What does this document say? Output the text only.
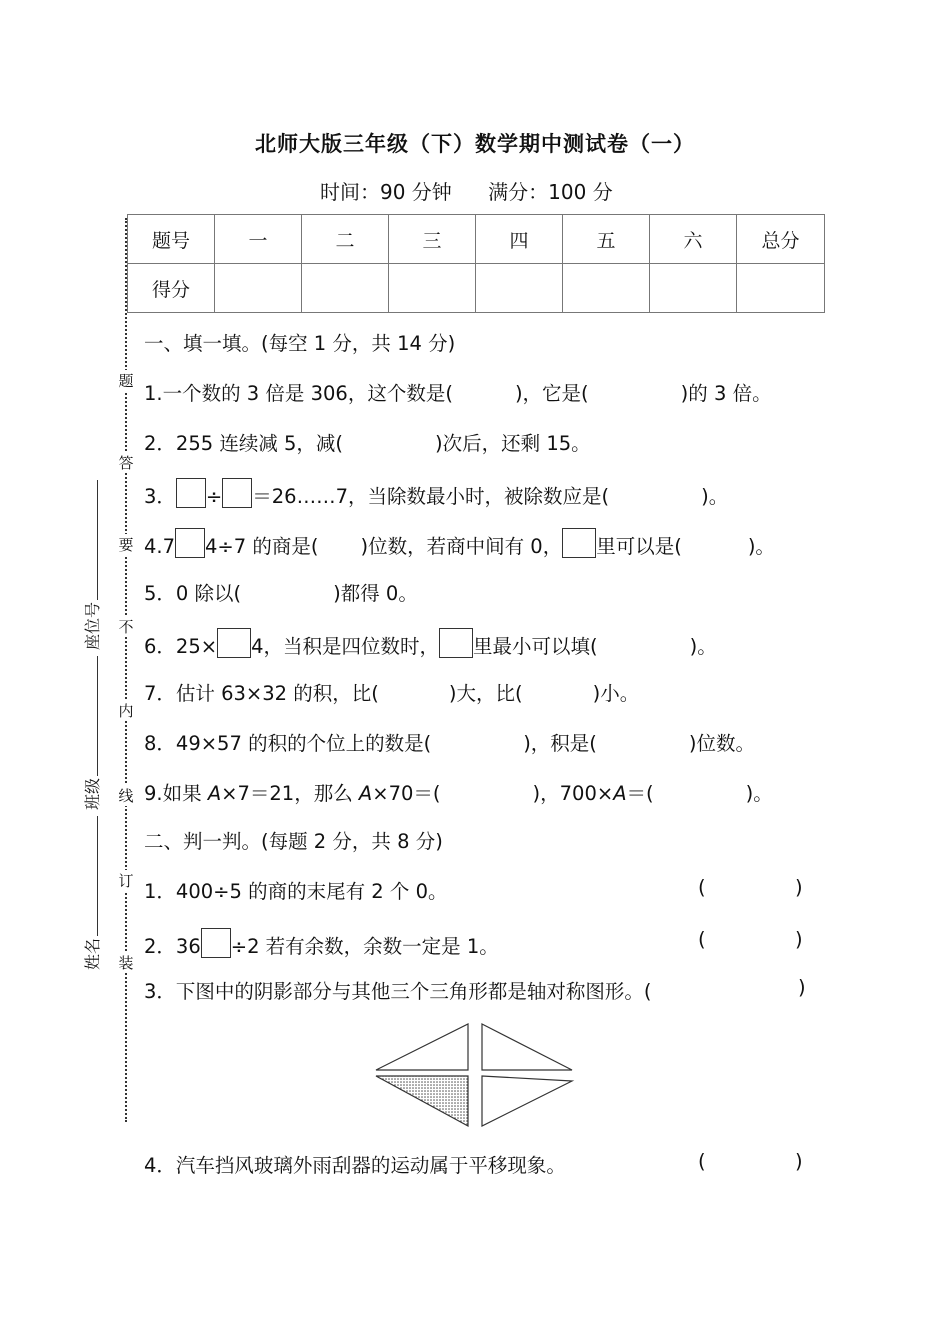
北师大版三年级（下）数学期中测试卷（一）
时间：90 分钟 满分：100 分
题号	一	二	三	四	五	六	总分
得分							
题
答
要
不
内
线
订
装
座位号
班级
姓名
一、填一填。(每空 1 分，共 14 分)
1.一个数的 3 倍是 306，这个数是(	)，它是(	)的 3 倍。
2．255 连续减 5，减(	)次后，还剩 15。
3． ÷ ＝26……7，当除数最小时，被除数应是(	)。
4.7 4÷7 的商是( )位数，若商中间有 0， 里可以是(	)。
5．0 除以(	)都得 0。
6．25× 4，当积是四位数时， 里最小可以填(	)。
7．估计 63×32 的积，比(	)大，比(	)小。
8．49×57 的积的个位上的数是(	)，积是(	)位数。
9.如果 A×7＝21，那么 A×70＝(	)，700×A＝(	)。
二、判一判。(每题 2 分，共 8 分)
1．400÷5 的商的末尾有 2 个 0。	(	)
2．36 ÷2 若有余数，余数一定是 1。	(	)
3．下图中的阴影部分与其他三个三角形都是轴对称图形。(	)
4．汽车挡风玻璃外雨刮器的运动属于平移现象。	(	)
